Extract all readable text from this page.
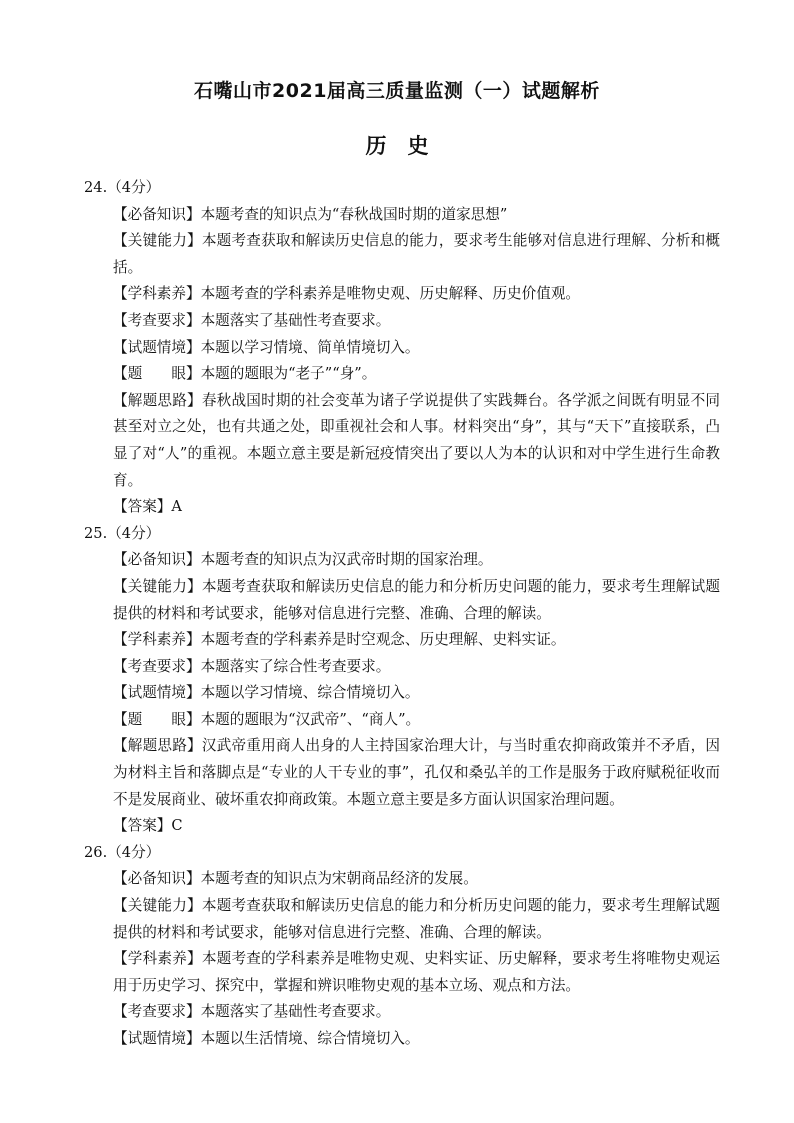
石嘴山市2021届高三质量监测（一）试题解析
历　史
24.（4分）
【必备知识】本题考查的知识点为“春秋战国时期的道家思想”
【关键能力】本题考查获取和解读历史信息的能力，要求考生能够对信息进行理解、分析和概括。
【学科素养】本题考查的学科素养是唯物史观、历史解释、历史价值观。
【考查要求】本题落实了基础性考查要求。
【试题情境】本题以学习情境、简单情境切入。
【题　　眼】本题的题眼为“老子”“身”。
【解题思路】春秋战国时期的社会变革为诸子学说提供了实践舞台。各学派之间既有明显不同甚至对立之处，也有共通之处，即重视社会和人事。材料突出“身”，其与“天下”直接联系，凸显了对“人”的重视。本题立意主要是新冠疫情突出了要以人为本的认识和对中学生进行生命教育。
【答案】A
25.（4分）
【必备知识】本题考查的知识点为汉武帝时期的国家治理。
【关键能力】本题考查获取和解读历史信息的能力和分析历史问题的能力，要求考生理解试题提供的材料和考试要求，能够对信息进行完整、准确、合理的解读。
【学科素养】本题考查的学科素养是时空观念、历史理解、史料实证。
【考查要求】本题落实了综合性考查要求。
【试题情境】本题以学习情境、综合情境切入。
【题　　眼】本题的题眼为“汉武帝”、“商人”。
【解题思路】汉武帝重用商人出身的人主持国家治理大计，与当时重农抑商政策并不矛盾，因为材料主旨和落脚点是“专业的人干专业的事”，孔仅和桑弘羊的工作是服务于政府赋税征收而不是发展商业、破坏重农抑商政策。本题立意主要是多方面认识国家治理问题。
【答案】C
26.（4分）
【必备知识】本题考查的知识点为宋朝商品经济的发展。
【关键能力】本题考查获取和解读历史信息的能力和分析历史问题的能力，要求考生理解试题提供的材料和考试要求，能够对信息进行完整、准确、合理的解读。
【学科素养】本题考查的学科素养是唯物史观、史料实证、历史解释，要求考生将唯物史观运用于历史学习、探究中，掌握和辨识唯物史观的基本立场、观点和方法。
【考查要求】本题落实了基础性考查要求。
【试题情境】本题以生活情境、综合情境切入。
